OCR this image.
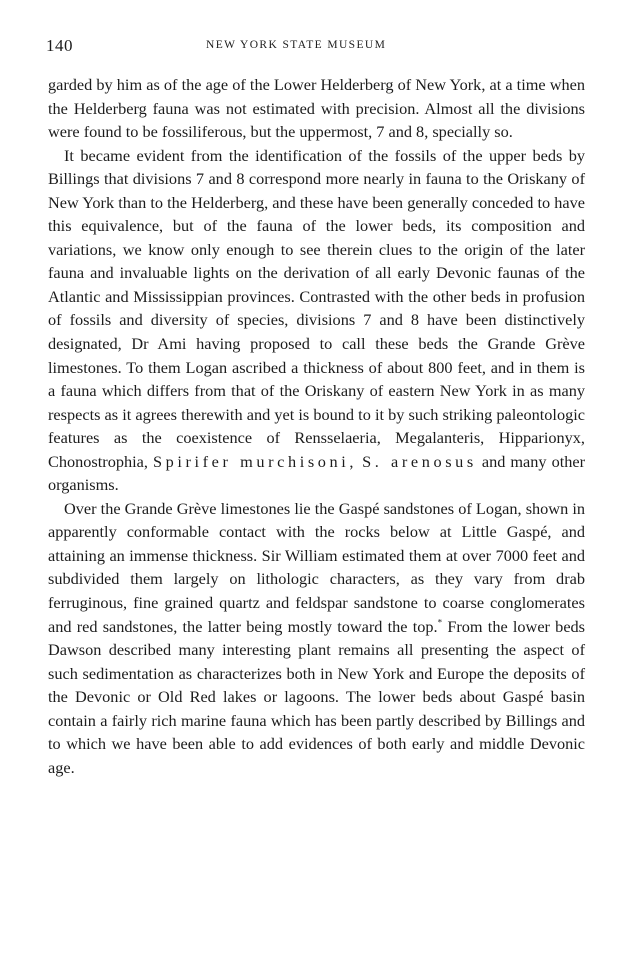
140	NEW YORK STATE MUSEUM

garded by him as of the age of the Lower Helderberg of New York, at a time when the Helderberg fauna was not estimated with precision. Almost all the divisions were found to be fossiliferous, but the uppermost, 7 and 8, specially so.

It became evident from the identification of the fossils of the upper beds by Billings that divisions 7 and 8 correspond more nearly in fauna to the Oriskany of New York than to the Helderberg, and these have been generally conceded to have this equivalence, but of the fauna of the lower beds, its composition and variations, we know only enough to see therein clues to the origin of the later fauna and invaluable lights on the derivation of all early Devonic faunas of the Atlantic and Mississippian provinces. Contrasted with the other beds in profusion of fossils and diversity of species, divisions 7 and 8 have been distinctively designated, Dr Ami having proposed to call these beds the Grande Grève limestones. To them Logan ascribed a thickness of about 800 feet, and in them is a fauna which differs from that of the Oriskany of eastern New York in as many respects as it agrees therewith and yet is bound to it by such striking paleontologic features as the coexistence of Rensselaeria, Megalanteris, Hipparionyx, Chonostrophia, Spirifer murchisoni, S. arenosus and many other organisms.

Over the Grande Grève limestones lie the Gaspé sandstones of Logan, shown in apparently conformable contact with the rocks below at Little Gaspé, and attaining an immense thickness. Sir William estimated them at over 7000 feet and subdivided them largely on lithologic characters, as they vary from drab ferruginous, fine grained quartz and feldspar sandstone to coarse conglomerates and red sandstones, the latter being mostly toward the top.* From the lower beds Dawson described many interesting plant remains all presenting the aspect of such sedimentation as characterizes both in New York and Europe the deposits of the Devonic or Old Red lakes or lagoons. The lower beds about Gaspé basin contain a fairly rich marine fauna which has been partly described by Billings and to which we have been able to add evidences of both early and middle Devonic age.
